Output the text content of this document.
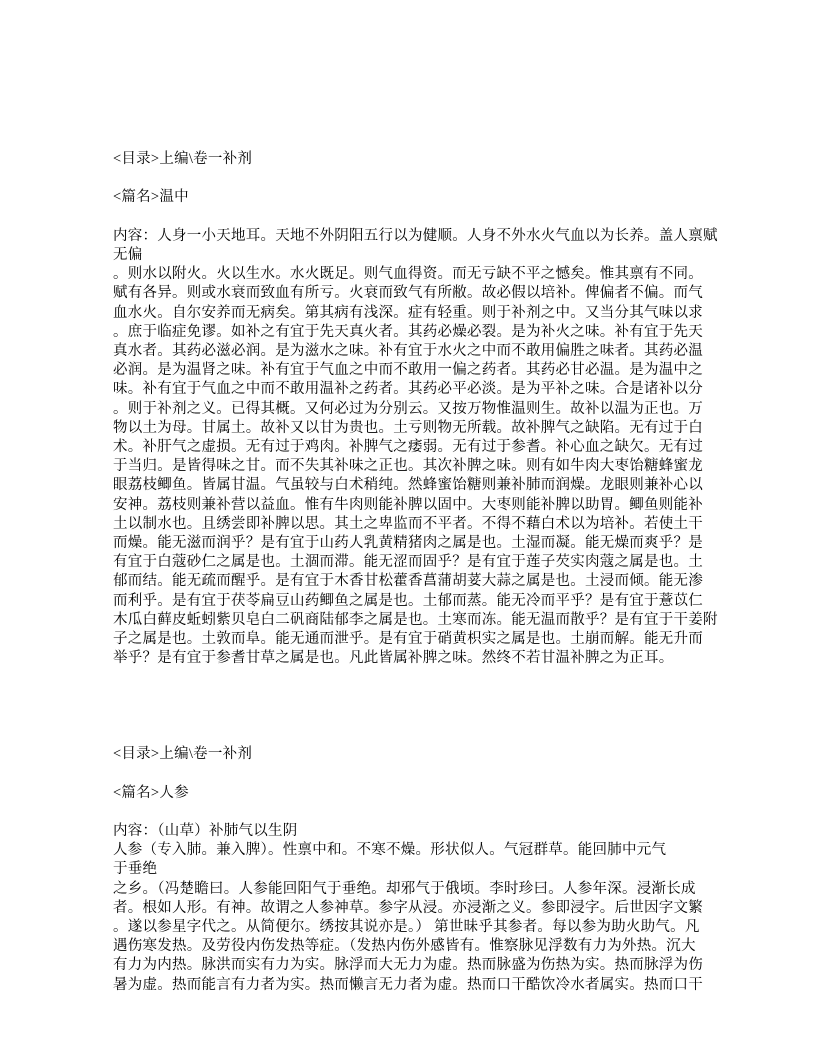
<目录>上编\卷一补剂
<篇名>温中
内容：人身一小天地耳。天地不外阴阳五行以为健顺。人身不外水火气血以为长养。盖人禀赋
无偏
。则水以附火。火以生水。水火既足。则气血得资。而无亏缺不平之憾矣。惟其禀有不同。
赋有各异。则或水衰而致血有所亏。火衰而致气有所敝。故必假以培补。俾偏者不偏。而气
血水火。自尔安养而无病矣。第其病有浅深。症有轻重。则于补剂之中。又当分其气味以求
。庶于临症免谬。如补之有宜于先天真火者。其药必燥必裂。是为补火之味。补有宜于先天
真水者。其药必滋必润。是为滋水之味。补有宜于水火之中而不敢用偏胜之味者。其药必温
必润。是为温肾之味。补有宜于气血之中而不敢用一偏之药者。其药必甘必温。是为温中之
味。补有宜于气血之中而不敢用温补之药者。其药必平必淡。是为平补之味。合是诸补以分
。则于补剂之义。已得其概。又何必过为分别云。又按万物惟温则生。故补以温为正也。万
物以土为母。甘属土。故补又以甘为贵也。土亏则物无所载。故补脾气之缺陷。无有过于白
术。补肝气之虚损。无有过于鸡肉。补脾气之痿弱。无有过于参耆。补心血之缺欠。无有过
于当归。是皆得味之甘。而不失其补味之正也。其次补脾之味。则有如牛肉大枣饴糖蜂蜜龙
眼荔枝鲫鱼。皆属甘温。气虽较与白术稍纯。然蜂蜜饴糖则兼补肺而润燥。龙眼则兼补心以
安神。荔枝则兼补营以益血。惟有牛肉则能补脾以固中。大枣则能补脾以助胃。鲫鱼则能补
土以制水也。且绣尝即补脾以思。其土之卑监而不平者。不得不藉白术以为培补。若使土干
而燥。能无滋而润乎？是有宜于山药人乳黄精猪肉之属是也。土湿而凝。能无燥而爽乎？是
有宜于白蔻砂仁之属是也。土涸而滞。能无涩而固乎？是有宜于莲子芡实肉蔻之属是也。土
郁而结。能无疏而醒乎。是有宜于木香甘松藿香菖蒲胡荽大蒜之属是也。土浸而倾。能无渗
而利乎。是有宜于茯苓扁豆山药鲫鱼之属是也。土郁而蒸。能无冷而平乎？是有宜于薏苡仁
木瓜白藓皮蚯蚓紫贝皂白二矾商陆郁李之属是也。土寒而冻。能无温而散乎？是有宜于干姜附
子之属是也。土敦而阜。能无通而泄乎。是有宜于硝黄枳实之属是也。土崩而解。能无升而
举乎？是有宜于参耆甘草之属是也。凡此皆属补脾之味。然终不若甘温补脾之为正耳。
<目录>上编\卷一补剂
<篇名>人参
内容：（山草）补肺气以生阴
人参（专入肺。兼入脾）。性禀中和。不寒不燥。形状似人。气冠群草。能回肺中元气
于垂绝
之乡。（冯楚瞻曰。人参能回阳气于垂绝。却邪气于俄顷。李时珍曰。人参年深。浸渐长成
者。根如人形。有神。故谓之人参神草。参字从浸。亦浸渐之义。参即浸字。后世因字文繁
。遂以参星字代之。从简便尔。绣按其说亦是。） 第世昧乎其参者。每以参为助火助气。凡
遇伤寒发热。及劳役内伤发热等症。（发热内伤外感皆有。惟察脉见浮数有力为外热。沉大
有力为内热。脉洪而实有力为实。脉浮而大无力为虚。热而脉盛为伤热为实。热而脉浮为伤
暑为虚。热而能言有力者为实。热而懒言无力者为虚。热而口干酷饮冷水者属实。热而口干
